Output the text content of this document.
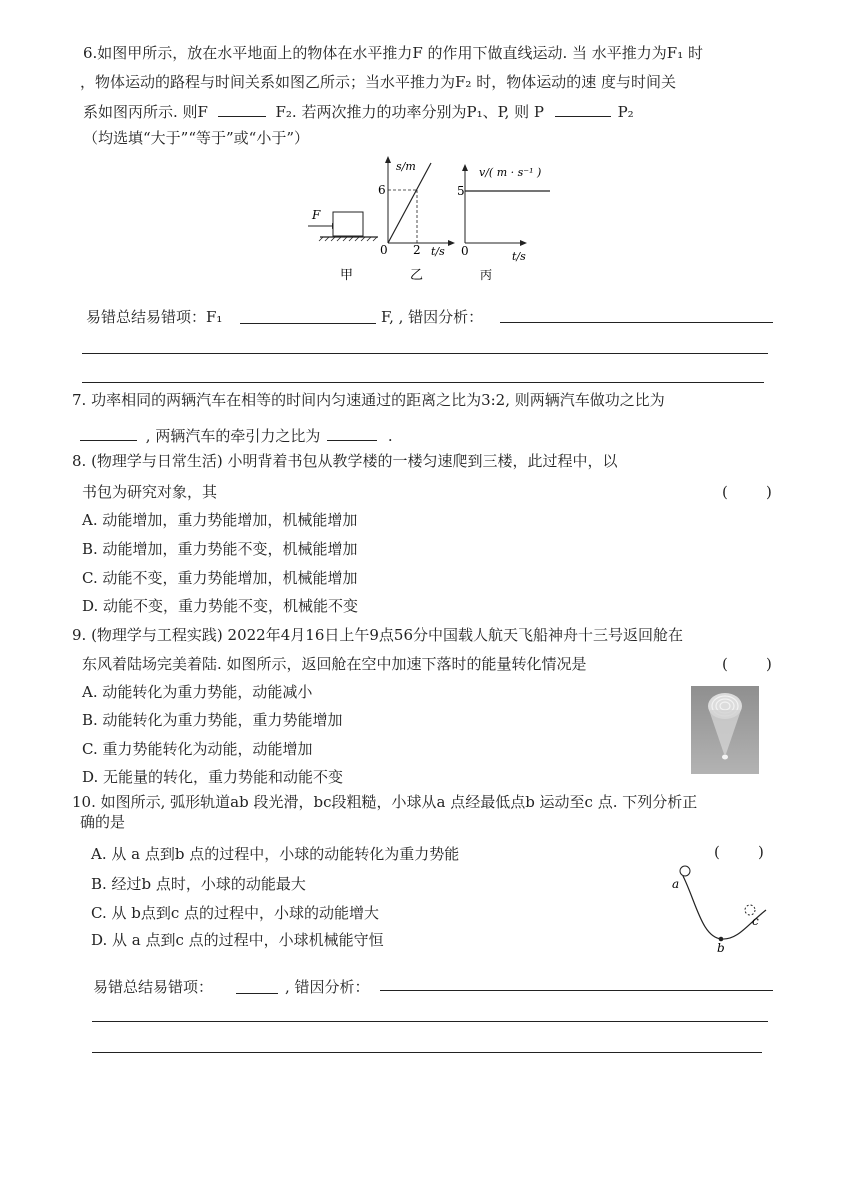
6.如图甲所示，放在水平地面上的物体在水平推力F 的作用下做直线运动. 当 水平推力为F₁ 时
，物体运动的路程与时间关系如图乙所示；当水平推力为F₂ 时，物体运动的速 度与时间关
系如图丙所示. 则F	F₂. 若两次推力的功率分别为P₁、P, 则 P	P₂
（均选填“大于”“等于”或“小于”）
F
甲
s/m
6
0 2 t/s
乙
v/( m · s⁻¹ )
5
0	t/s
丙
易错总结易错项：F₁	F, , 错因分析：
7. 功率相同的两辆汽车在相等的时间内匀速通过的距离之比为3:2, 则两辆汽车做功之比为
, 两辆汽车的牵引力之比为	.
8. (物理学与日常生活) 小明背着书包从教学楼的一楼匀速爬到三楼，此过程中，以
书包为研究对象，其	(        )
A. 动能增加，重力势能增加，机械能增加
B. 动能增加，重力势能不变，机械能增加
C. 动能不变，重力势能增加，机械能增加
D. 动能不变，重力势能不变，机械能不变
9. (物理学与工程实践) 2022年4月16日上午9点56分中国载人航天飞船神舟十三号返回舱在
东风着陆场完美着陆. 如图所示，返回舱在空中加速下落时的能量转化情况是	(        )
A. 动能转化为重力势能，动能减小
B. 动能转化为重力势能，重力势能增加
C. 重力势能转化为动能，动能增加
D. 无能量的转化，重力势能和动能不变
10. 如图所示, 弧形轨道ab 段光滑，bc段粗糙，小球从a 点经最低点b 运动至c 点. 下列分析正
确的是
(        )
A. 从 a 点到b 点的过程中，小球的动能转化为重力势能
B. 经过b 点时，小球的动能最大
C. 从 b点到c 点的过程中，小球的动能增大
D. 从 a 点到c 点的过程中，小球机械能守恒
a
b
c
易错总结易错项：	, 错因分析：
